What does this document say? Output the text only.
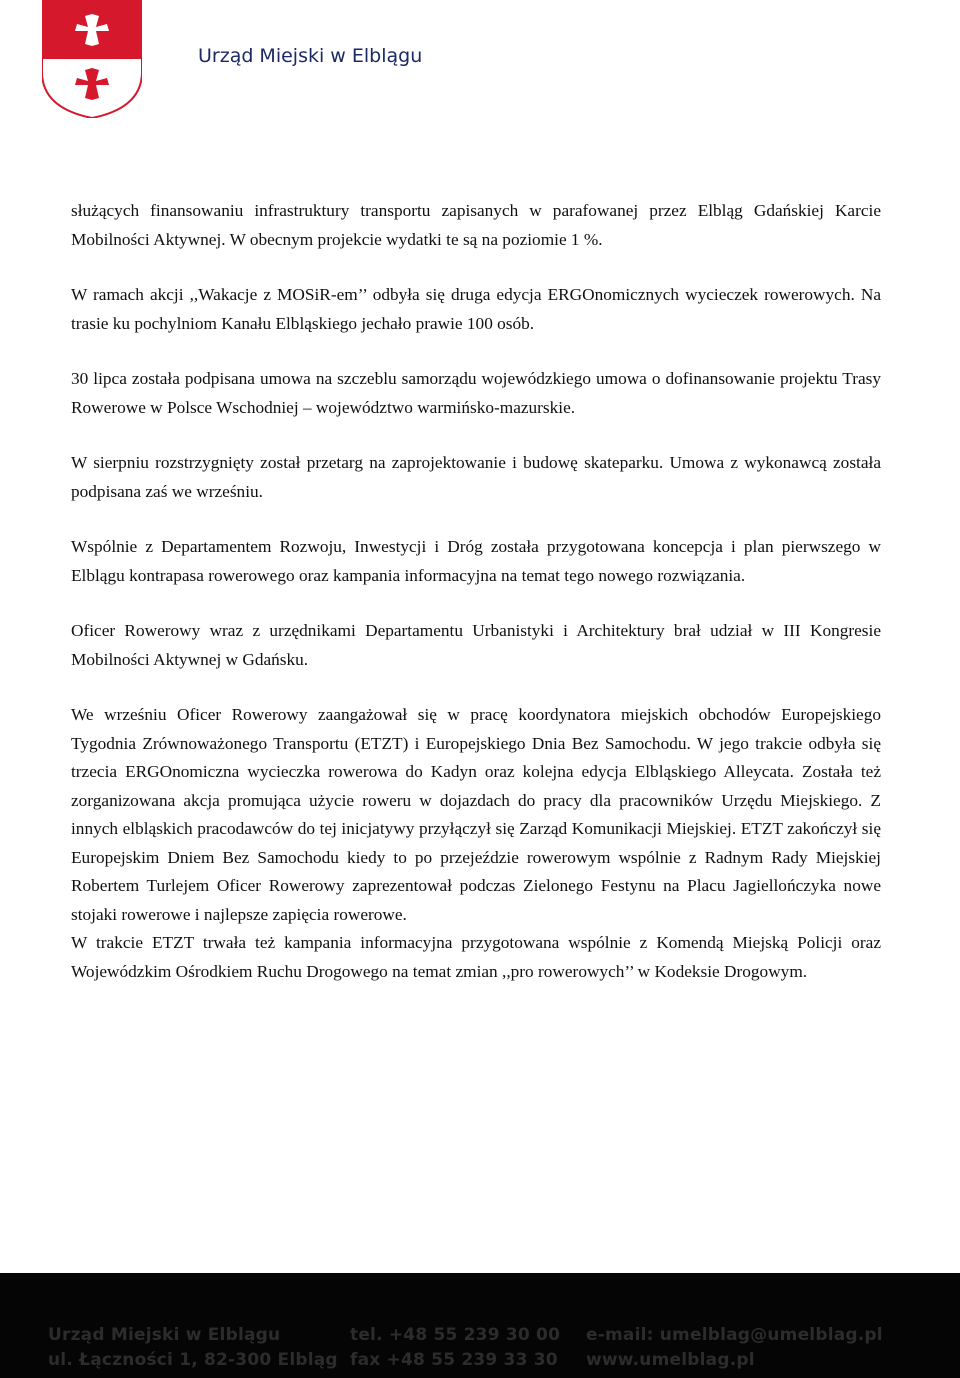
Urząd Miejski w Elblągu

służących finansowaniu infrastruktury transportu zapisanych w parafowanej przez Elbląg Gdańskiej Karcie Mobilności Aktywnej. W obecnym projekcie wydatki te są na poziomie 1 %.

W ramach akcji ,,Wakacje z MOSiR-em’’ odbyła się druga edycja ERGOnomicznych wycieczek rowerowych. Na trasie ku pochylniom Kanału Elbląskiego jechało prawie 100 osób.

30 lipca została podpisana umowa na szczeblu samorządu wojewódzkiego umowa o dofinansowanie projektu Trasy Rowerowe w Polsce Wschodniej – województwo warmińsko-mazurskie.

W sierpniu rozstrzygnięty został przetarg na zaprojektowanie i budowę skateparku. Umowa z wykonawcą została podpisana zaś we wrześniu.

Wspólnie z Departamentem Rozwoju, Inwestycji i Dróg została przygotowana koncepcja i plan pierwszego w Elblągu kontrapasa rowerowego oraz kampania informacyjna na temat tego nowego rozwiązania.

Oficer Rowerowy wraz z urzędnikami Departamentu Urbanistyki i Architektury brał udział w III Kongresie Mobilności Aktywnej w Gdańsku.

We wrześniu Oficer Rowerowy zaangażował się w pracę koordynatora miejskich obchodów Europejskiego Tygodnia Zrównoważonego Transportu (ETZT) i Europejskiego Dnia Bez Samochodu. W jego trakcie odbyła się trzecia ERGOnomiczna wycieczka rowerowa do Kadyn oraz kolejna edycja Elbląskiego Alleycata. Została też zorganizowana akcja promująca użycie roweru w dojazdach do pracy dla pracowników Urzędu Miejskiego. Z innych elbląskich pracodawców do tej inicjatywy przyłączył się Zarząd Komunikacji Miejskiej. ETZT zakończył się Europejskim Dniem Bez Samochodu kiedy to po przejeździe rowerowym wspólnie z Radnym Rady Miejskiej Robertem Turlejem Oficer Rowerowy zaprezentował podczas Zielonego Festynu na Placu Jagiellończyka nowe stojaki rowerowe i najlepsze zapięcia rowerowe.

W trakcie ETZT trwała też kampania informacyjna przygotowana wspólnie z Komendą Miejską Policji oraz Wojewódzkim Ośrodkiem Ruchu Drogowego na temat zmian ,,pro rowerowych’’ w Kodeksie Drogowym.

Urząd Miejski w Elblągu
ul. Łączności 1, 82-300 Elbląg
tel. +48 55 239 30 00
fax +48 55 239 33 30
e-mail: umelblag@umelblag.pl
www.umelblag.pl
